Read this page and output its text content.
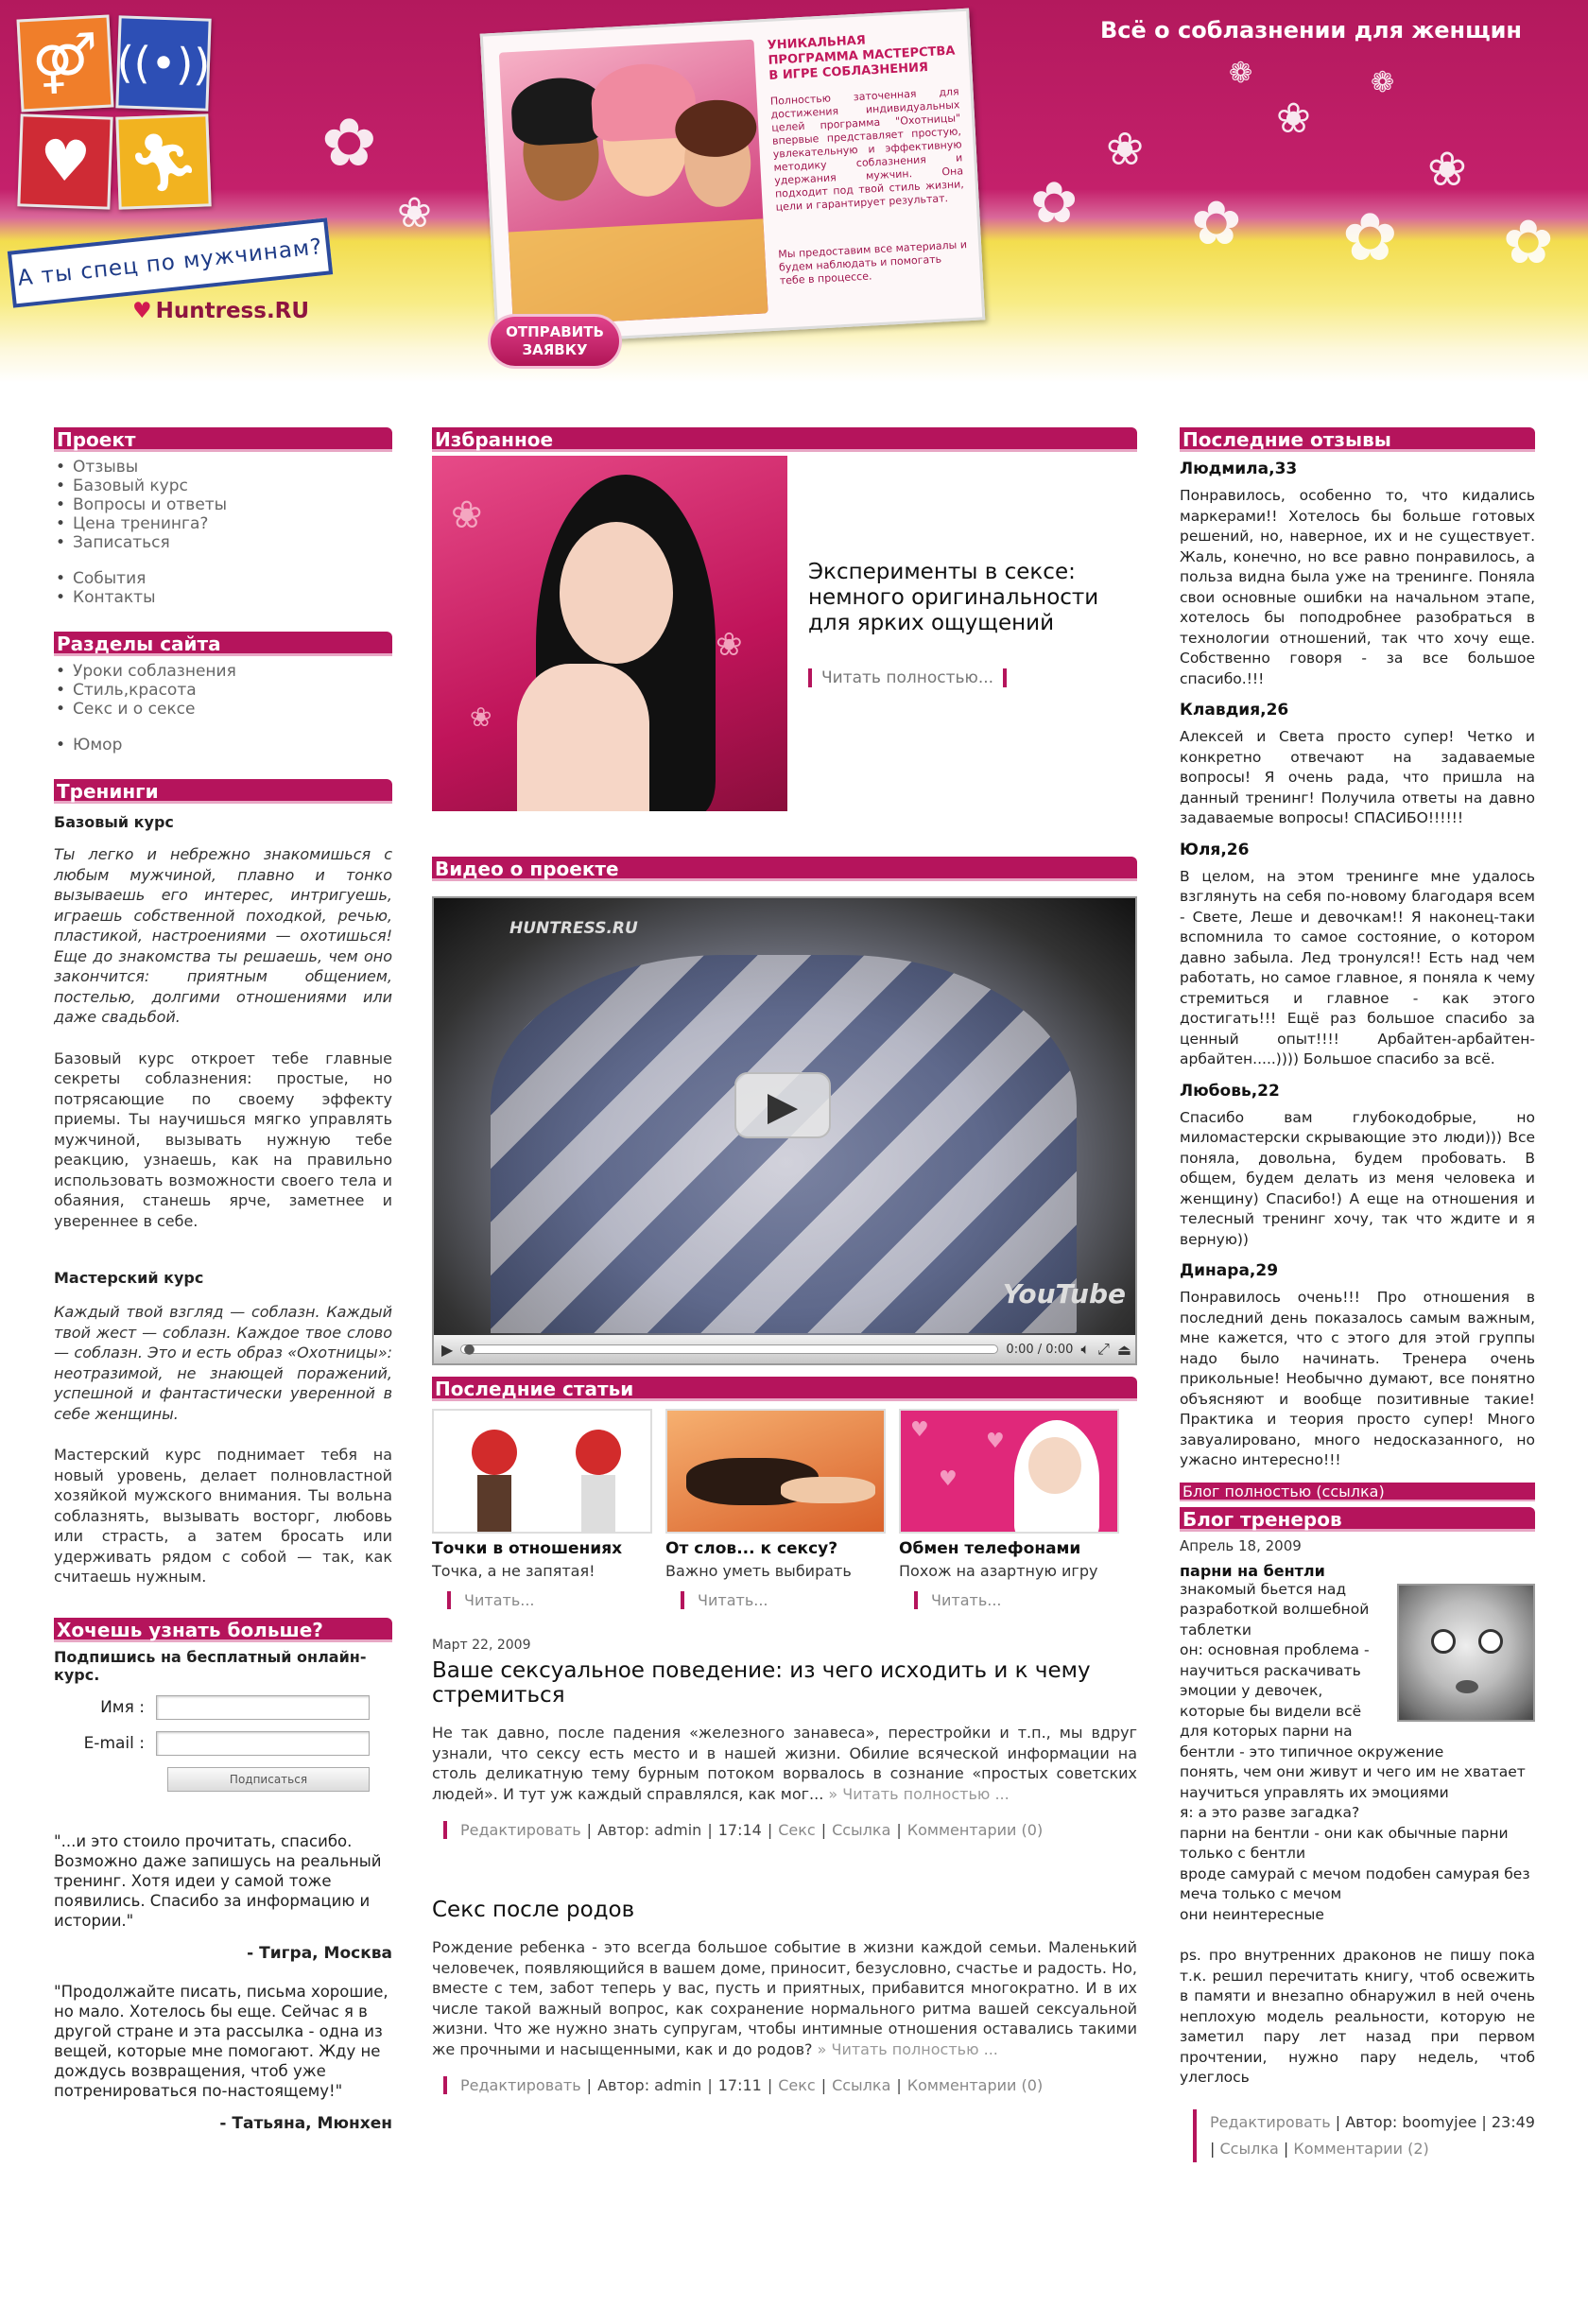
✿
❀	✿
❀
✿
❀
✿
❀
✿
❁
❁
⚤ ((•))
♥ 🏃︎
А ты спец по мужчинам?
♥ Huntress.RU
УНИКАЛЬНАЯ ПРОГРАММА МАСТЕРСТВА В ИГРЕ СОБЛАЗНЕНИЯ
Полностью заточенная для достижения индивидуальных целей программа "Охотницы" впервые представляет простую, увлекательную и эффективную методику соблазнения и удержания мужчин. Она подходит под твой стиль жизни, цели и гарантирует результат.
Мы предоставим все материалы и будем наблюдать и помогать тебе в процессе.
ОТПРАВИТЬ ЗАЯВКУ
Всё о соблазнении для женщин
Проект
• Отзывы
• Базовый курс
• Вопросы и ответы
• Цена тренинга?
• Записаться
• События
• Контакты
Разделы сайта
• Уроки соблазнения
• Стиль,красота
• Секс и о сексе
• Юмор
Тренинги
Базовый курс

Ты легко и небрежно знакомишься с любым мужчиной, плавно и тонко вызываешь его интерес, интригуешь, играешь собственной походкой, речью, пластикой, настроениями — охотишься! Еще до знакомства ты решаешь, чем оно закончится: приятным общением, постелью, долгими отношениями или даже свадьбой.

Базовый курс откроет тебе главные секреты соблазнения: простые, но потрясающие по своему эффекту приемы. Ты научишься мягко управлять мужчиной, вызывать нужную тебе реакцию, узнаешь, как на правильно использовать возможности своего тела и обаяния, станешь ярче, заметнее и увереннее в себе.

Мастерский курс

Каждый твой взгляд — соблазн. Каждый твой жест — соблазн. Каждое твое слово — соблазн. Это и есть образ «Охотницы»: неотразимой, не знающей поражений, успешной и фантастически уверенной в себе женщины.

Мастерский курс поднимает тебя на новый уровень, делает полновластной хозяйкой мужского внимания. Ты вольна соблазнять, вызывать восторг, любовь или страсть, а затем бросать или удерживать рядом с собой — так, как считаешь нужным.

Хочешь узнать больше?
Подпишись на бесплатный онлайн-курс.
Имя :
E-mail :
Подписаться

"...и это стоило прочитать, спасибо. Возможно даже запишусь на реальный тренинг. Хотя идеи у самой тоже появились. Спасибо за информацию и истории."

- Тигра, Москва

"Продолжайте писать, письма хорошие, но мало. Хотелось бы еще. Сейчас я в другой стране и эта рассылка - одна из вещей, которые мне помогают. Жду не дождусь возвращения, чтоб уже потренироваться по-настоящему!"

- Татьяна, Мюнхен
Избранное
❀
❀
❀
Эксперименты в сексе: немного оригинальности для ярких ощущений
Читать полностью...
Видео о проекте
HUNTRESS.RU
▶
YouTube
▶ ●	0:00 / 0:00 🔈︎ ⤢ ⏏
Последние статьи
Точки в отношениях
Точка, а не запятая!
Читать...
От слов... к сексу?
Важно уметь выбирать
Читать...
♥
♥
♥
Обмен телефонами
Похож на азартную игру
Читать...
Март 22, 2009
Ваше сексуальное поведение: из чего исходить и к чему стремиться

Не так давно, после падения «железного занавеса», перестройки и т.п., мы вдруг узнали, что сексу есть место и в нашей жизни. Обилие всяческой информации на столь деликатную тему бурным потоком ворвалось в сознание «простых советских людей». И тут уж каждый справлялся, как мог... » Читать полностью ...

Редактировать | Автор: admin | 17:14 | Секс | Ссылка | Комментарии (0)
Секс после родов

Рождение ребенка - это всегда большое событие в жизни каждой семьи. Маленький человечек, появляющийся в вашем доме, приносит, безусловно, счастье и радость. Но, вместе с тем, забот теперь у вас, пусть и приятных, прибавится многократно. И в их числе такой важный вопрос, как сохранение нормального ритма вашей сексуальной жизни. Что же нужно знать супругам, чтобы интимные отношения оставались такими же прочными и насыщенными, как и до родов? » Читать полностью ...

Редактировать | Автор: admin | 17:11 | Секс | Ссылка | Комментарии (0)
Последние отзывы
Людмила,33

Понравилось, особенно то, что кидались маркерами!! Хотелось бы больше готовых решений, но, наверное, их и не существует. Жаль, конечно, но все равно понравилось, а польза видна была уже на тренинге. Поняла свои основные ошибки на начальном этапе, хотелось бы поподробнее разобраться в технологии отношений, так что хочу еще. Собственно говоря - за все большое спасибо.!!!

Клавдия,26

Алексей и Света просто супер! Четко и конкретно отвечают на задаваемые вопросы! Я очень рада, что пришла на данный тренинг! Получила ответы на давно задаваемые вопросы! СПАСИБО!!!!!!

Юля,26

В целом, на этом тренинге мне удалось взглянуть на себя по-новому благодаря всем - Свете, Леше и девочкам!! Я наконец-таки вспомнила то самое состояние, о котором давно забыла. Лед тронулся!! Есть над чем работать, но самое главное, я поняла к чему стремиться и главное - как этого достигать!!! Ещё раз большое спасибо за ценный опыт!!!! Арбайтен-арбайтен-арбайтен.....)))) Большое спасибо за всё.

Любовь,22

Спасибо вам глубокодобрые, но миломастерски скрывающие это люди))) Все поняла, довольна, будем пробовать. В общем, будем делать из меня человека и женщину) Спасибо!) А еще на отношения и телесный тренинг хочу, так что ждите и я верную))

Динара,29

Понравилось очень!!! Про отношения в последний день показалось самым важным, мне кажется, что с этого для этой группы надо было начинать. Тренера очень прикольные! Необычно думают, все понятно объясняют и вообще позитивные такие! Практика и теория просто супер! Много завуалировано, много недосказанного, но ужасно интересно!!!

Блог полностью (ссылка)
Блог тренеров
Апрель 18, 2009
парни на бентли

знакомый бьется над разработкой волшебной таблетки
он: основная проблема - научиться раскачивать эмоции у девочек, которые бы видели всё
для которых парни на бентли - это типичное окружение
понять, чем они живут и чего им не хватает
научиться управлять их эмоциями
я: а это разве загадка?
парни на бентли - они как обычные парни только с бентли
вроде самурай с мечом подобен самурая без меча только с мечом
они неинтересные

ps. про внутренних драконов не пишу пока т.к. решил перечитать книгу, чтоб освежить в памяти и внезапно обнаружил в ней очень неплохую модель реальности, которую не заметил пару лет назад при первом прочтении, нужно пару недель, чтоб улеглось

Редактировать | Автор: boomyjee | 23:49 | Ссылка | Комментарии (2)
